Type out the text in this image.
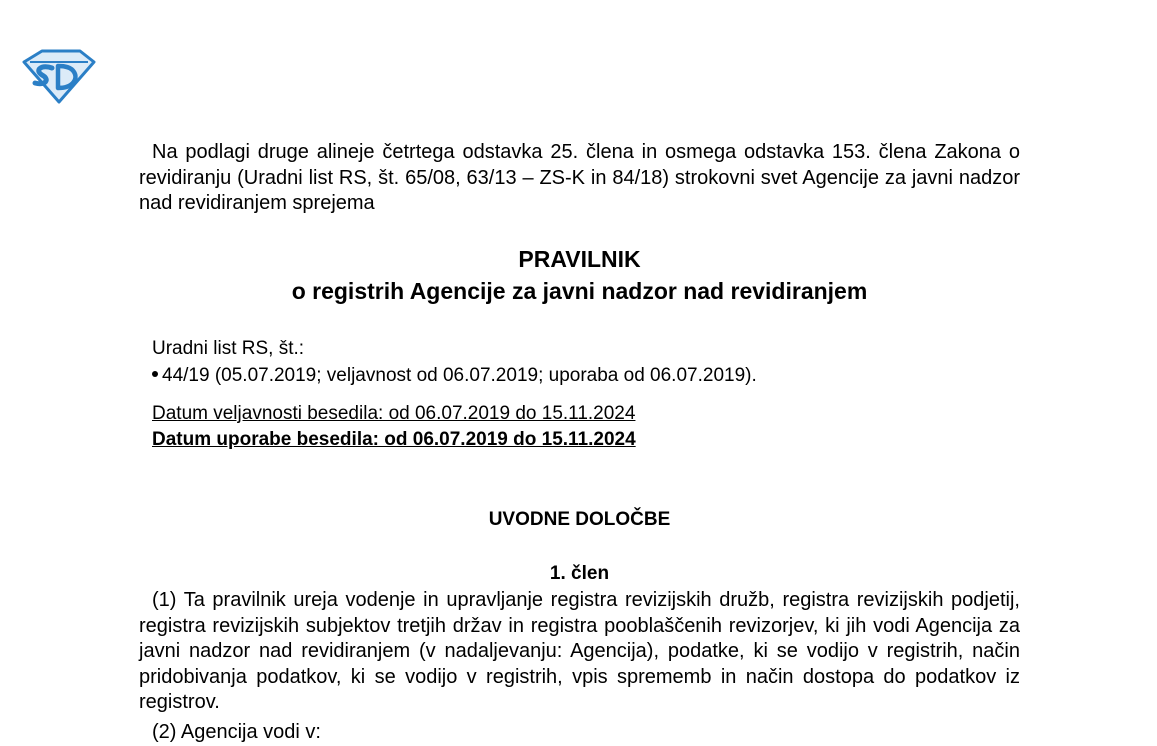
Na podlagi druge alineje četrtega odstavka 25. člena in osmega odstavka 153. člena Zakona o revidiranju (Uradni list RS, št. 65/08, 63/13 – ZS-K in 84/18) strokovni svet Agencije za javni nadzor nad revidiranjem sprejema

PRAVILNIK
o registrih Agencije za javni nadzor nad revidiranjem
Uradni list RS, št.:
44/19 (05.07.2019; veljavnost od 06.07.2019; uporaba od 06.07.2019).
Datum veljavnosti besedila: od 06.07.2019 do 15.11.2024
Datum uporabe besedila: od 06.07.2019 do 15.11.2024
UVODNE DOLOČBE
1. člen

(1) Ta pravilnik ureja vodenje in upravljanje registra revizijskih družb, registra revizijskih podjetij, registra revizijskih subjektov tretjih držav in registra pooblaščenih revizorjev, ki jih vodi Agencija za javni nadzor nad revidiranjem (v nadaljevanju: Agencija), podatke, ki se vodijo v registrih, način pridobivanja podatkov, ki se vodijo v registrih, vpis sprememb in način dostopa do podatkov iz registrov.

(2) Agencija vodi v:
